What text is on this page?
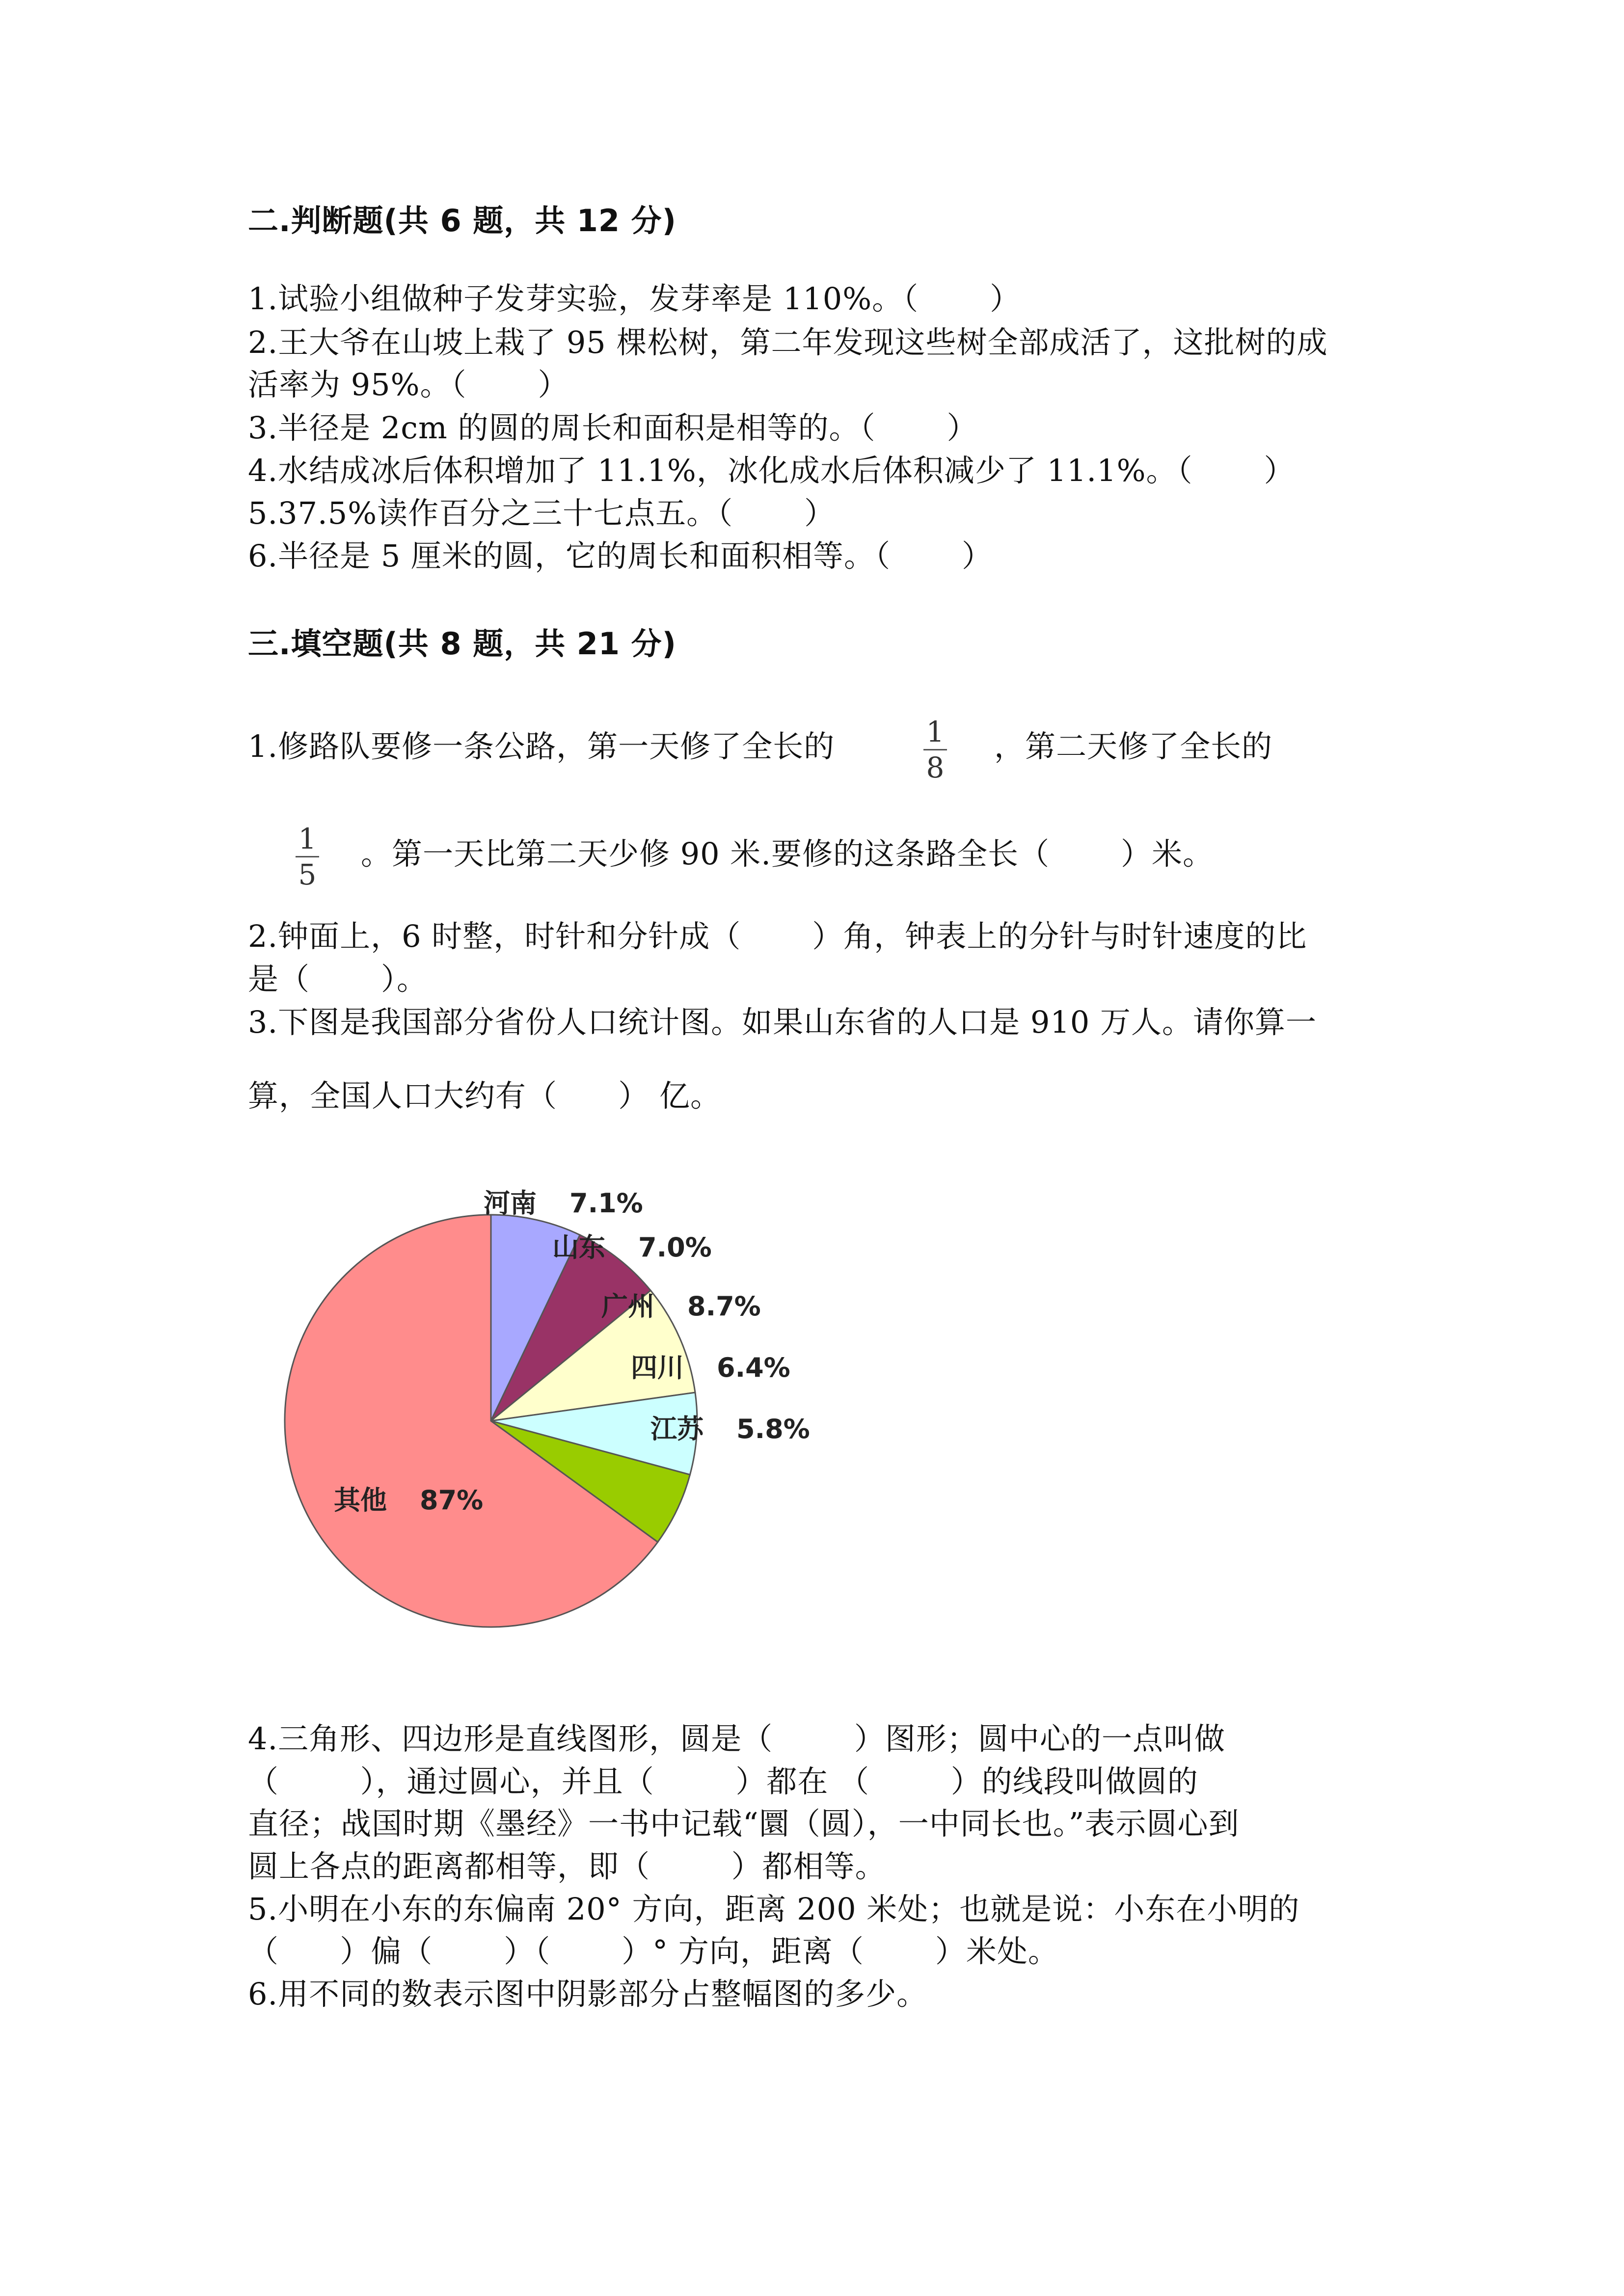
二.判断题(共 6 题，共 12 分)
1.试验小组做种子发芽实验，发芽率是 110%。（       ）
2.王大爷在山坡上栽了 95 棵松树，第二年发现这些树全部成活了，这批树的成
活率为 95%。（       ）
3.半径是 2cm 的圆的周长和面积是相等的。（       ）
4.水结成冰后体积增加了 11.1%，冰化成水后体积减少了 11.1%。（       ）
5.37.5%读作百分之三十七点五。（       ）
6.半径是 5 厘米的圆，它的周长和面积相等。（       ）
三.填空题(共 8 题，共 21 分)
1.修路队要修一条公路，第一天修了全长的	1
8
，第二天修了全长的
1
5
。第一天比第二天少修 90 米.要修的这条路全长（       ）米。
2.钟面上，6 时整，时针和分针成（       ）角，钟表上的分针与时针速度的比
是（       ）。
3.下图是我国部分省份人口统计图。如果山东省的人口是 910 万人。请你算一
算，全国人口大约有（      ） 亿。
河南 7.1%
山东 7.0%
广州 8.7%
四川 6.4%
江苏 5.8%
其他 87%
4.三角形、四边形是直线图形，圆是（        ）图形；圆中心的一点叫做
（        ），通过圆心，并且（        ）都在 （        ）的线段叫做圆的
直径；战国时期《墨经》一书中记载“圜（圆），一中同长也。”表示圆心到
圆上各点的距离都相等，即（        ）都相等。
5.小明在小东的东偏南 20° 方向，距离 200 米处；也就是说：小东在小明的
（      ）偏（       ）（       ）° 方向，距离（       ）米处。
6.用不同的数表示图中阴影部分占整幅图的多少。
